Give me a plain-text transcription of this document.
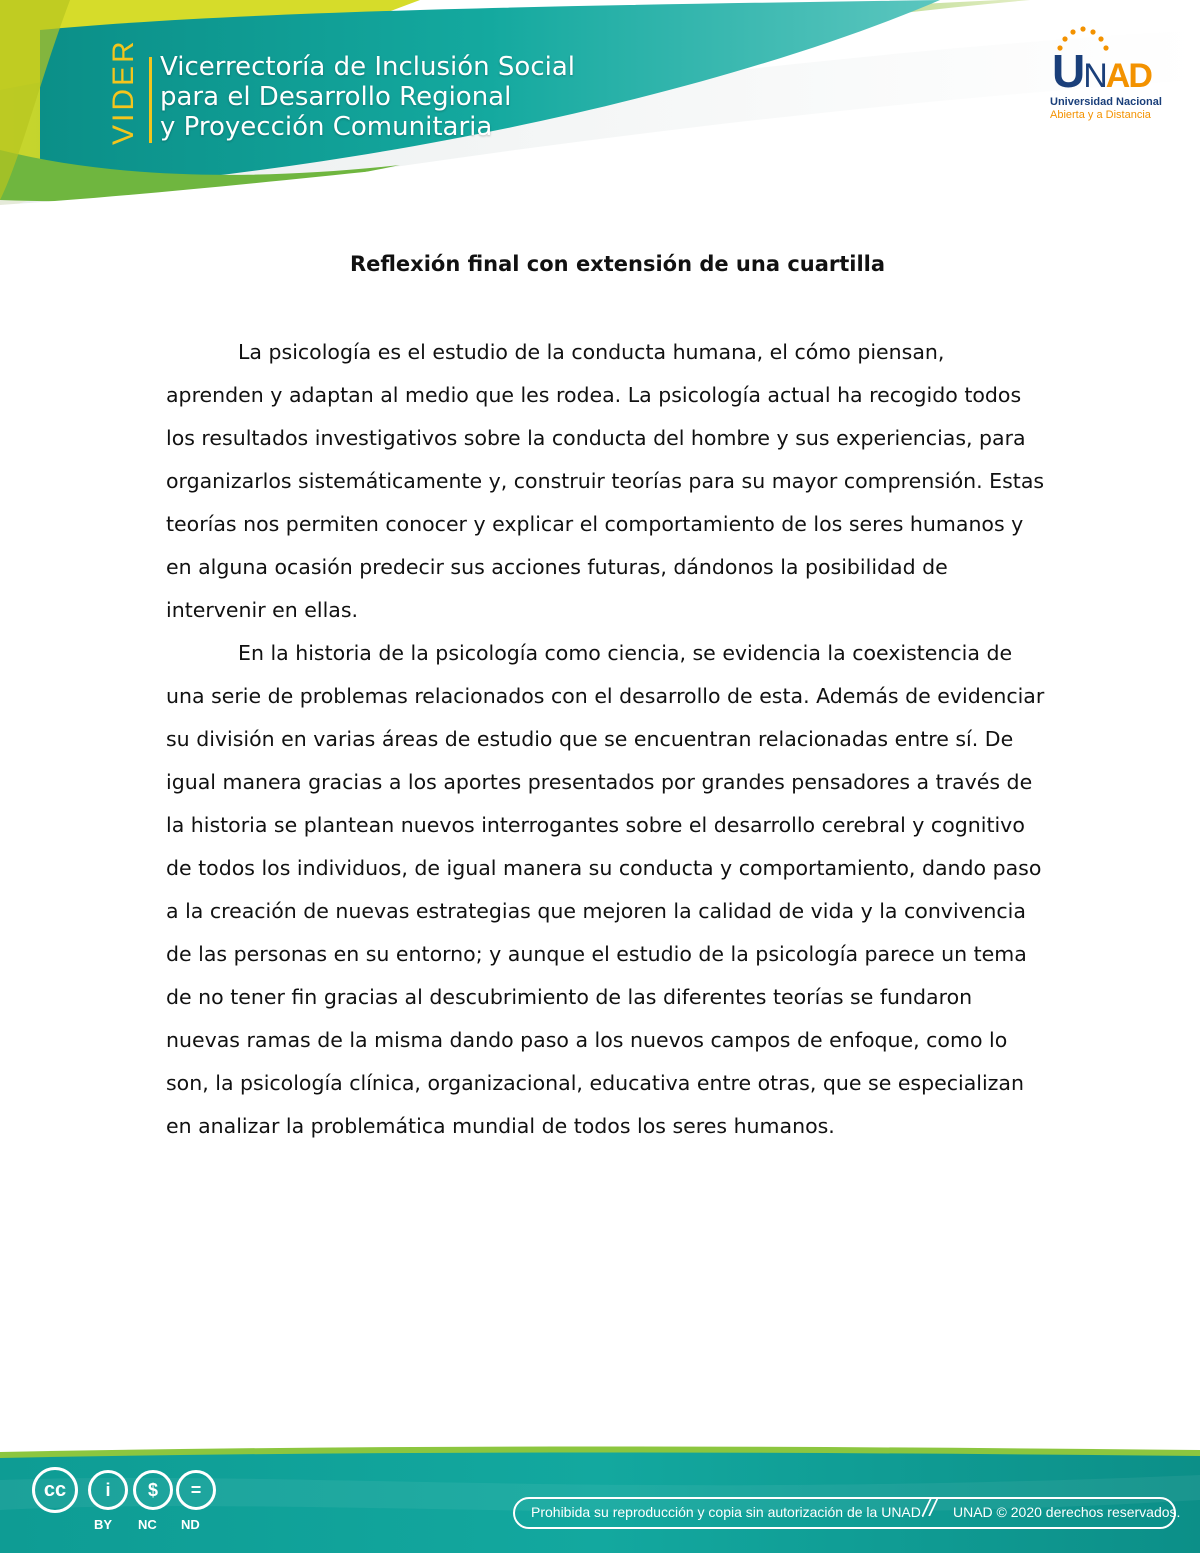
VIDER Vicerrectoría de Inclusión Social
para el Desarrollo Regional
y Proyección Comunitaria
UNAD
Universidad Nacional
Abierta y a Distancia
Reflexión final con extensión de una cuartilla

La psicología es el estudio de la conducta humana, el cómo piensan, aprenden y adaptan al medio que les rodea. La psicología actual ha recogido todos los resultados investigativos sobre la conducta del hombre y sus experiencias, para organizarlos sistemáticamente y, construir teorías para su mayor comprensión. Estas teorías nos permiten conocer y explicar el comportamiento de los seres humanos y en alguna ocasión predecir sus acciones futuras, dándonos la posibilidad de intervenir en ellas.

En la historia de la psicología como ciencia, se evidencia la coexistencia de una serie de problemas relacionados con el desarrollo de esta. Además de evidenciar su división en varias áreas de estudio que se encuentran relacionadas entre sí. De igual manera gracias a los aportes presentados por grandes pensadores a través de la historia se plantean nuevos interrogantes sobre el desarrollo cerebral y cognitivo de todos los individuos, de igual manera su conducta y comportamiento, dando paso a la creación de nuevas estrategias que mejoren la calidad de vida y la convivencia de las personas en su entorno; y aunque el estudio de la psicología parece un tema de no tener fin gracias al descubrimiento de las diferentes teorías se fundaron nuevas ramas de la misma dando paso a los nuevos campos de enfoque, como lo son, la psicología clínica, organizacional, educativa entre otras, que se especializan en analizar la problemática mundial de todos los seres humanos.

cc	i	$	=
BY NC ND
Prohibida su reproducción y copia sin autorización de la UNAD.
// UNAD © 2020 derechos reservados.
